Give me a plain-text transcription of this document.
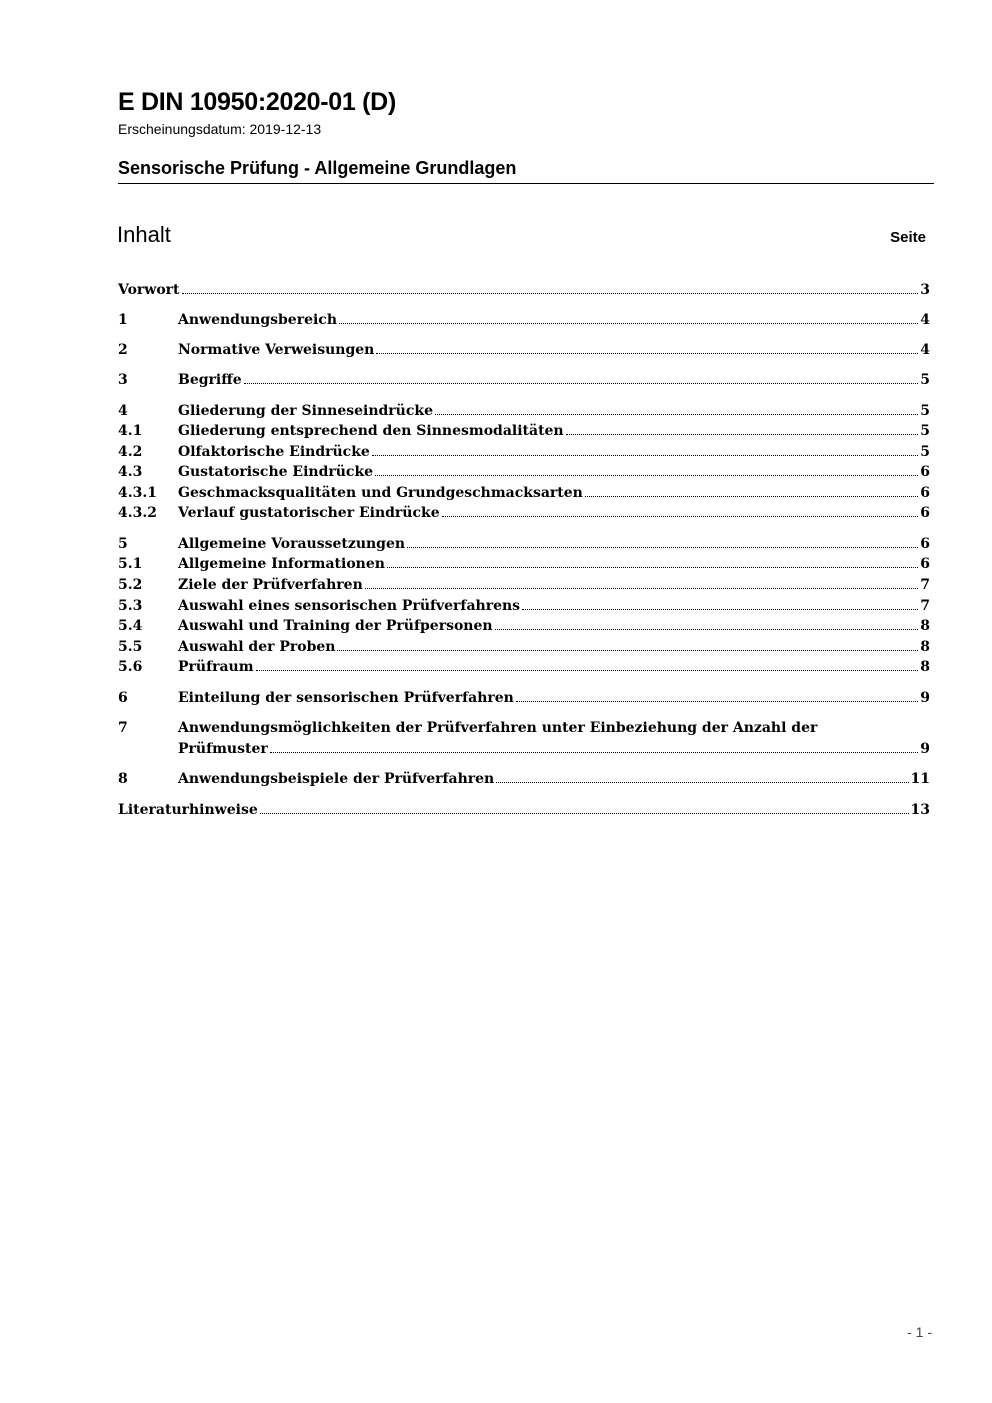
E DIN 10950:2020-01 (D)
Erscheinungsdatum: 2019-12-13
Sensorische Prüfung - Allgemeine Grundlagen
Inhalt	Seite
Vorwort	3
1	Anwendungsbereich	4
2	Normative Verweisungen	4
3	Begriffe	5
4	Gliederung der Sinneseindrücke	5
4.1	Gliederung entsprechend den Sinnesmodalitäten	5
4.2	Olfaktorische Eindrücke	5
4.3	Gustatorische Eindrücke	6
4.3.1 Geschmacksqualitäten und Grundgeschmacksarten	6
4.3.2 Verlauf gustatorischer Eindrücke	6
5	Allgemeine Voraussetzungen	6
5.1	Allgemeine Informationen	6
5.2	Ziele der Prüfverfahren	7
5.3	Auswahl eines sensorischen Prüfverfahrens	7
5.4	Auswahl und Training der Prüfpersonen	8
5.5	Auswahl der Proben	8
5.6	Prüfraum	8
6	Einteilung der sensorischen Prüfverfahren	9
7	Anwendungsmöglichkeiten der Prüfverfahren unter Einbeziehung der Anzahl der
Prüfmuster	9
8	Anwendungsbeispiele der Prüfverfahren	11
Literaturhinweise	13
- 1 -
